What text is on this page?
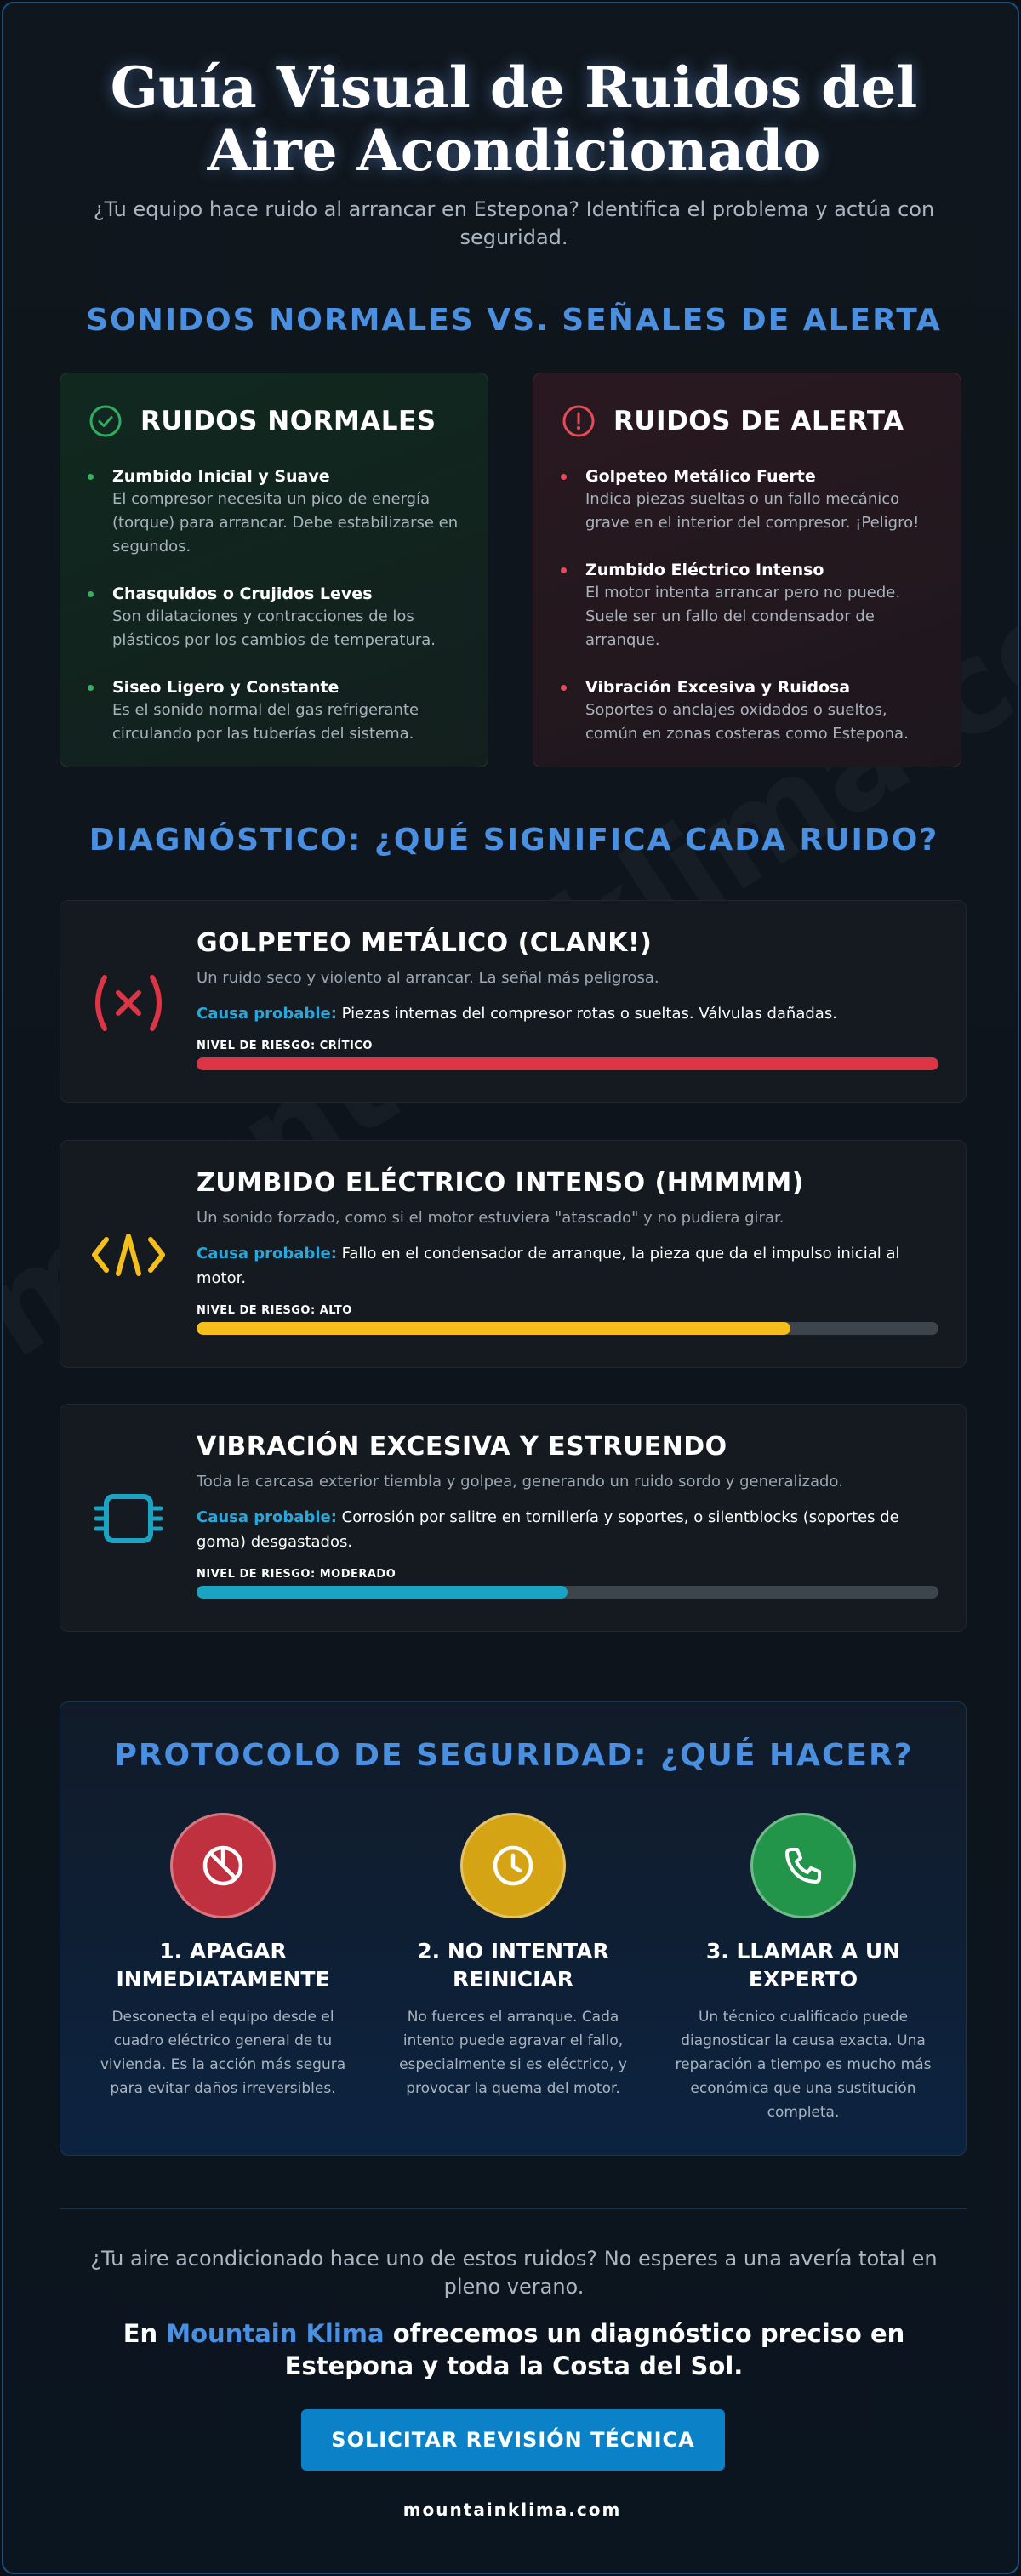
Guía Visual de Ruidos del Aire Acondicionado

¿Tu equipo hace ruido al arrancar en Estepona? Identifica el problema y actúa con seguridad.

SONIDOS NORMALES VS. SEÑALES DE ALERTA
RUIDOS NORMALES
Zumbido Inicial y Suave
El compresor necesita un pico de energía (torque) para arrancar. Debe estabilizarse en segundos.
Chasquidos o Crujidos Leves
Son dilataciones y contracciones de los plásticos por los cambios de temperatura.
Siseo Ligero y Constante
Es el sonido normal del gas refrigerante circulando por las tuberías del sistema.
RUIDOS DE ALERTA
Golpeteo Metálico Fuerte
Indica piezas sueltas o un fallo mecánico grave en el interior del compresor. ¡Peligro!
Zumbido Eléctrico Intenso
El motor intenta arrancar pero no puede. Suele ser un fallo del condensador de arranque.
Vibración Excesiva y Ruidosa
Soportes o anclajes oxidados o sueltos, común en zonas costeras como Estepona.
DIAGNÓSTICO: ¿QUÉ SIGNIFICA CADA RUIDO?
GOLPETEO METÁLICO (CLANK!)
Un ruido seco y violento al arrancar. La señal más peligrosa.
Causa probable: Piezas internas del compresor rotas o sueltas. Válvulas dañadas.
NIVEL DE RIESGO: CRÍTICO
ZUMBIDO ELÉCTRICO INTENSO (HMMMM)
Un sonido forzado, como si el motor estuviera "atascado" y no pudiera girar.
Causa probable: Fallo en el condensador de arranque, la pieza que da el impulso inicial al motor.
NIVEL DE RIESGO: ALTO
VIBRACIÓN EXCESIVA Y ESTRUENDO
Toda la carcasa exterior tiembla y golpea, generando un ruido sordo y generalizado.
Causa probable: Corrosión por salitre en tornillería y soportes, o silentblocks (soportes de goma) desgastados.
NIVEL DE RIESGO: MODERADO
PROTOCOLO DE SEGURIDAD: ¿QUÉ HACER?
1. APAGAR INMEDIATAMENTE
Desconecta el equipo desde el cuadro eléctrico general de tu vivienda. Es la acción más segura para evitar daños irreversibles.
2. NO INTENTAR REINICIAR
No fuerces el arranque. Cada intento puede agravar el fallo, especialmente si es eléctrico, y provocar la quema del motor.
3. LLAMAR A UN EXPERTO
Un técnico cualificado puede diagnosticar la causa exacta. Una reparación a tiempo es mucho más económica que una sustitución completa.

¿Tu aire acondicionado hace uno de estos ruidos? No esperes a una avería total en pleno verano.

En Mountain Klima ofrecemos un diagnóstico preciso en Estepona y toda la Costa del Sol.

SOLICITAR REVISIÓN TÉCNICA
mountainklima.com
